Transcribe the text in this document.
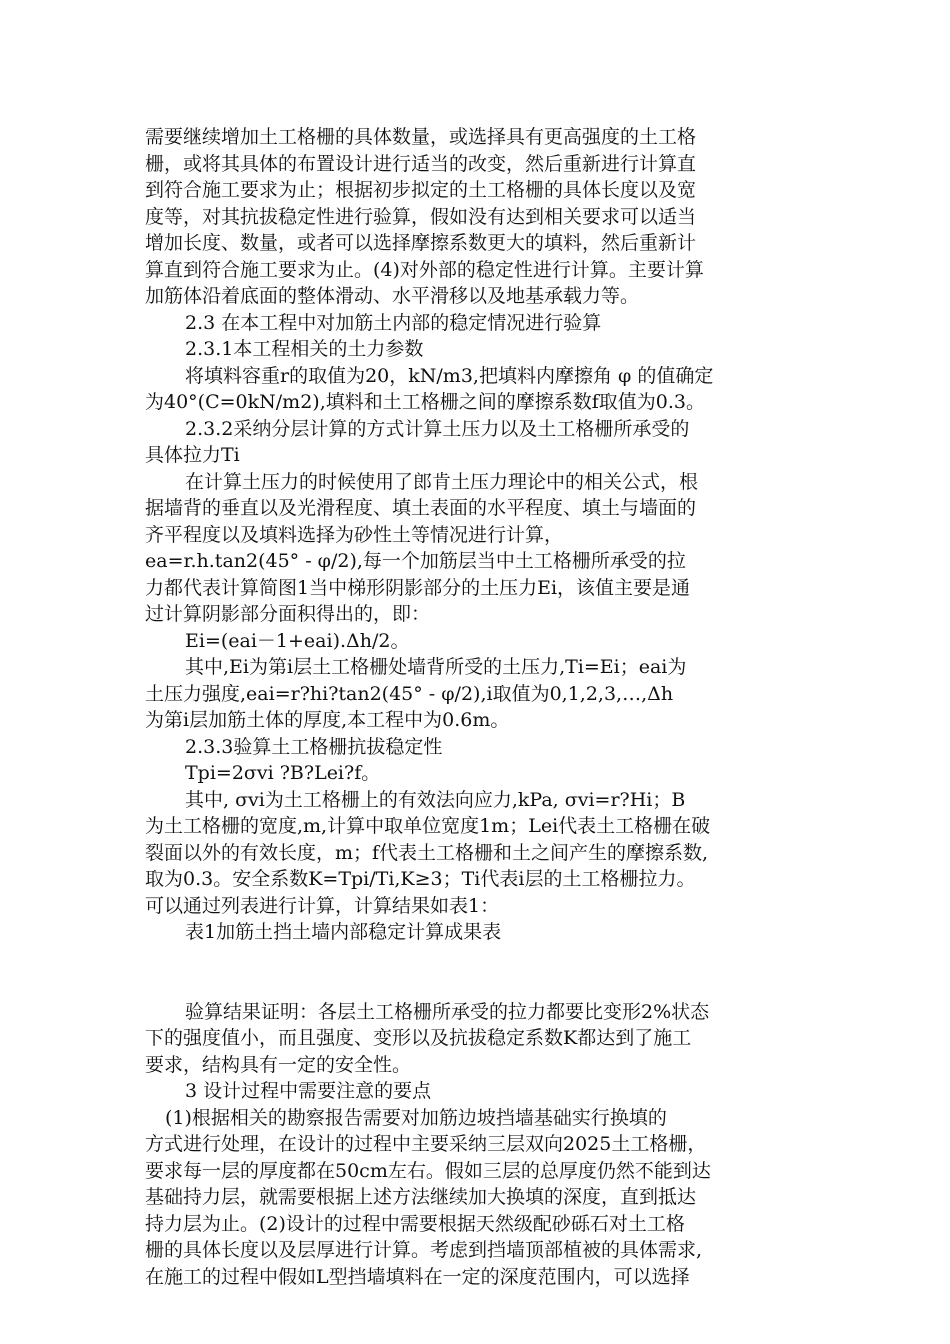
需要继续增加土工格栅的具体数量，或选择具有更高强度的土工格

栅，或将其具体的布置设计进行适当的改变，然后重新进行计算直

到符合施工要求为止；根据初步拟定的土工格栅的具体长度以及宽

度等，对其抗拔稳定性进行验算，假如没有达到相关要求可以适当

增加长度、数量，或者可以选择摩擦系数更大的填料，然后重新计

算直到符合施工要求为止。(4)对外部的稳定性进行计算。主要计算

加筋体沿着底面的整体滑动、水平滑移以及地基承载力等。

2.3 在本工程中对加筋土内部的稳定情况进行验算

2.3.1本工程相关的土力参数

将填料容重r的取值为20，kN/m3,把填料内摩擦角 φ 的值确定

为40°(C=0kN/m2),填料和土工格栅之间的摩擦系数f取值为0.3。

2.3.2采纳分层计算的方式计算土压力以及土工格栅所承受的

具体拉力Ti

在计算土压力的时候使用了郎肯土压力理论中的相关公式，根

据墙背的垂直以及光滑程度、填土表面的水平程度、填土与墙面的

齐平程度以及填料选择为砂性土等情况进行计算，

ea=r.h.tan2(45° - φ/2),每一个加筋层当中土工格栅所承受的拉

力都代表计算简图1当中梯形阴影部分的土压力Ei，该值主要是通

过计算阴影部分面积得出的，即：

Ei=(eai－1+eai).Δh/2。

其中,Ei为第i层土工格栅处墙背所受的土压力,Ti=Ei；eai为

土压力强度,eai=r?hi?tan2(45° - φ/2),i取值为0,1,2,3,…,Δh

为第i层加筋土体的厚度,本工程中为0.6m。

2.3.3验算土工格栅抗拔稳定性

Tpi=2σvi ?B?Lei?f。

其中, σvi为土工格栅上的有效法向应力,kPa, σvi=r?Hi；B

为土工格栅的宽度,m,计算中取单位宽度1m；Lei代表土工格栅在破

裂面以外的有效长度，m；f代表土工格栅和土之间产生的摩擦系数,

取为0.3。安全系数K=Tpi/Ti,K≥3；Ti代表i层的土工格栅拉力。

可以通过列表进行计算，计算结果如表1：

表1加筋土挡土墙内部稳定计算成果表

验算结果证明：各层土工格栅所承受的拉力都要比变形2%状态

下的强度值小，而且强度、变形以及抗拔稳定系数K都达到了施工

要求，结构具有一定的安全性。

3 设计过程中需要注意的要点

(1)根据相关的勘察报告需要对加筋边坡挡墙基础实行换填的

方式进行处理，在设计的过程中主要采纳三层双向2025土工格栅，

要求每一层的厚度都在50cm左右。假如三层的总厚度仍然不能到达

基础持力层，就需要根据上述方法继续加大换填的深度，直到抵达

持力层为止。(2)设计的过程中需要根据天然级配砂砾石对土工格

栅的具体长度以及层厚进行计算。考虑到挡墙顶部植被的具体需求,

在施工的过程中假如L型挡墙填料在一定的深度范围内，可以选择
